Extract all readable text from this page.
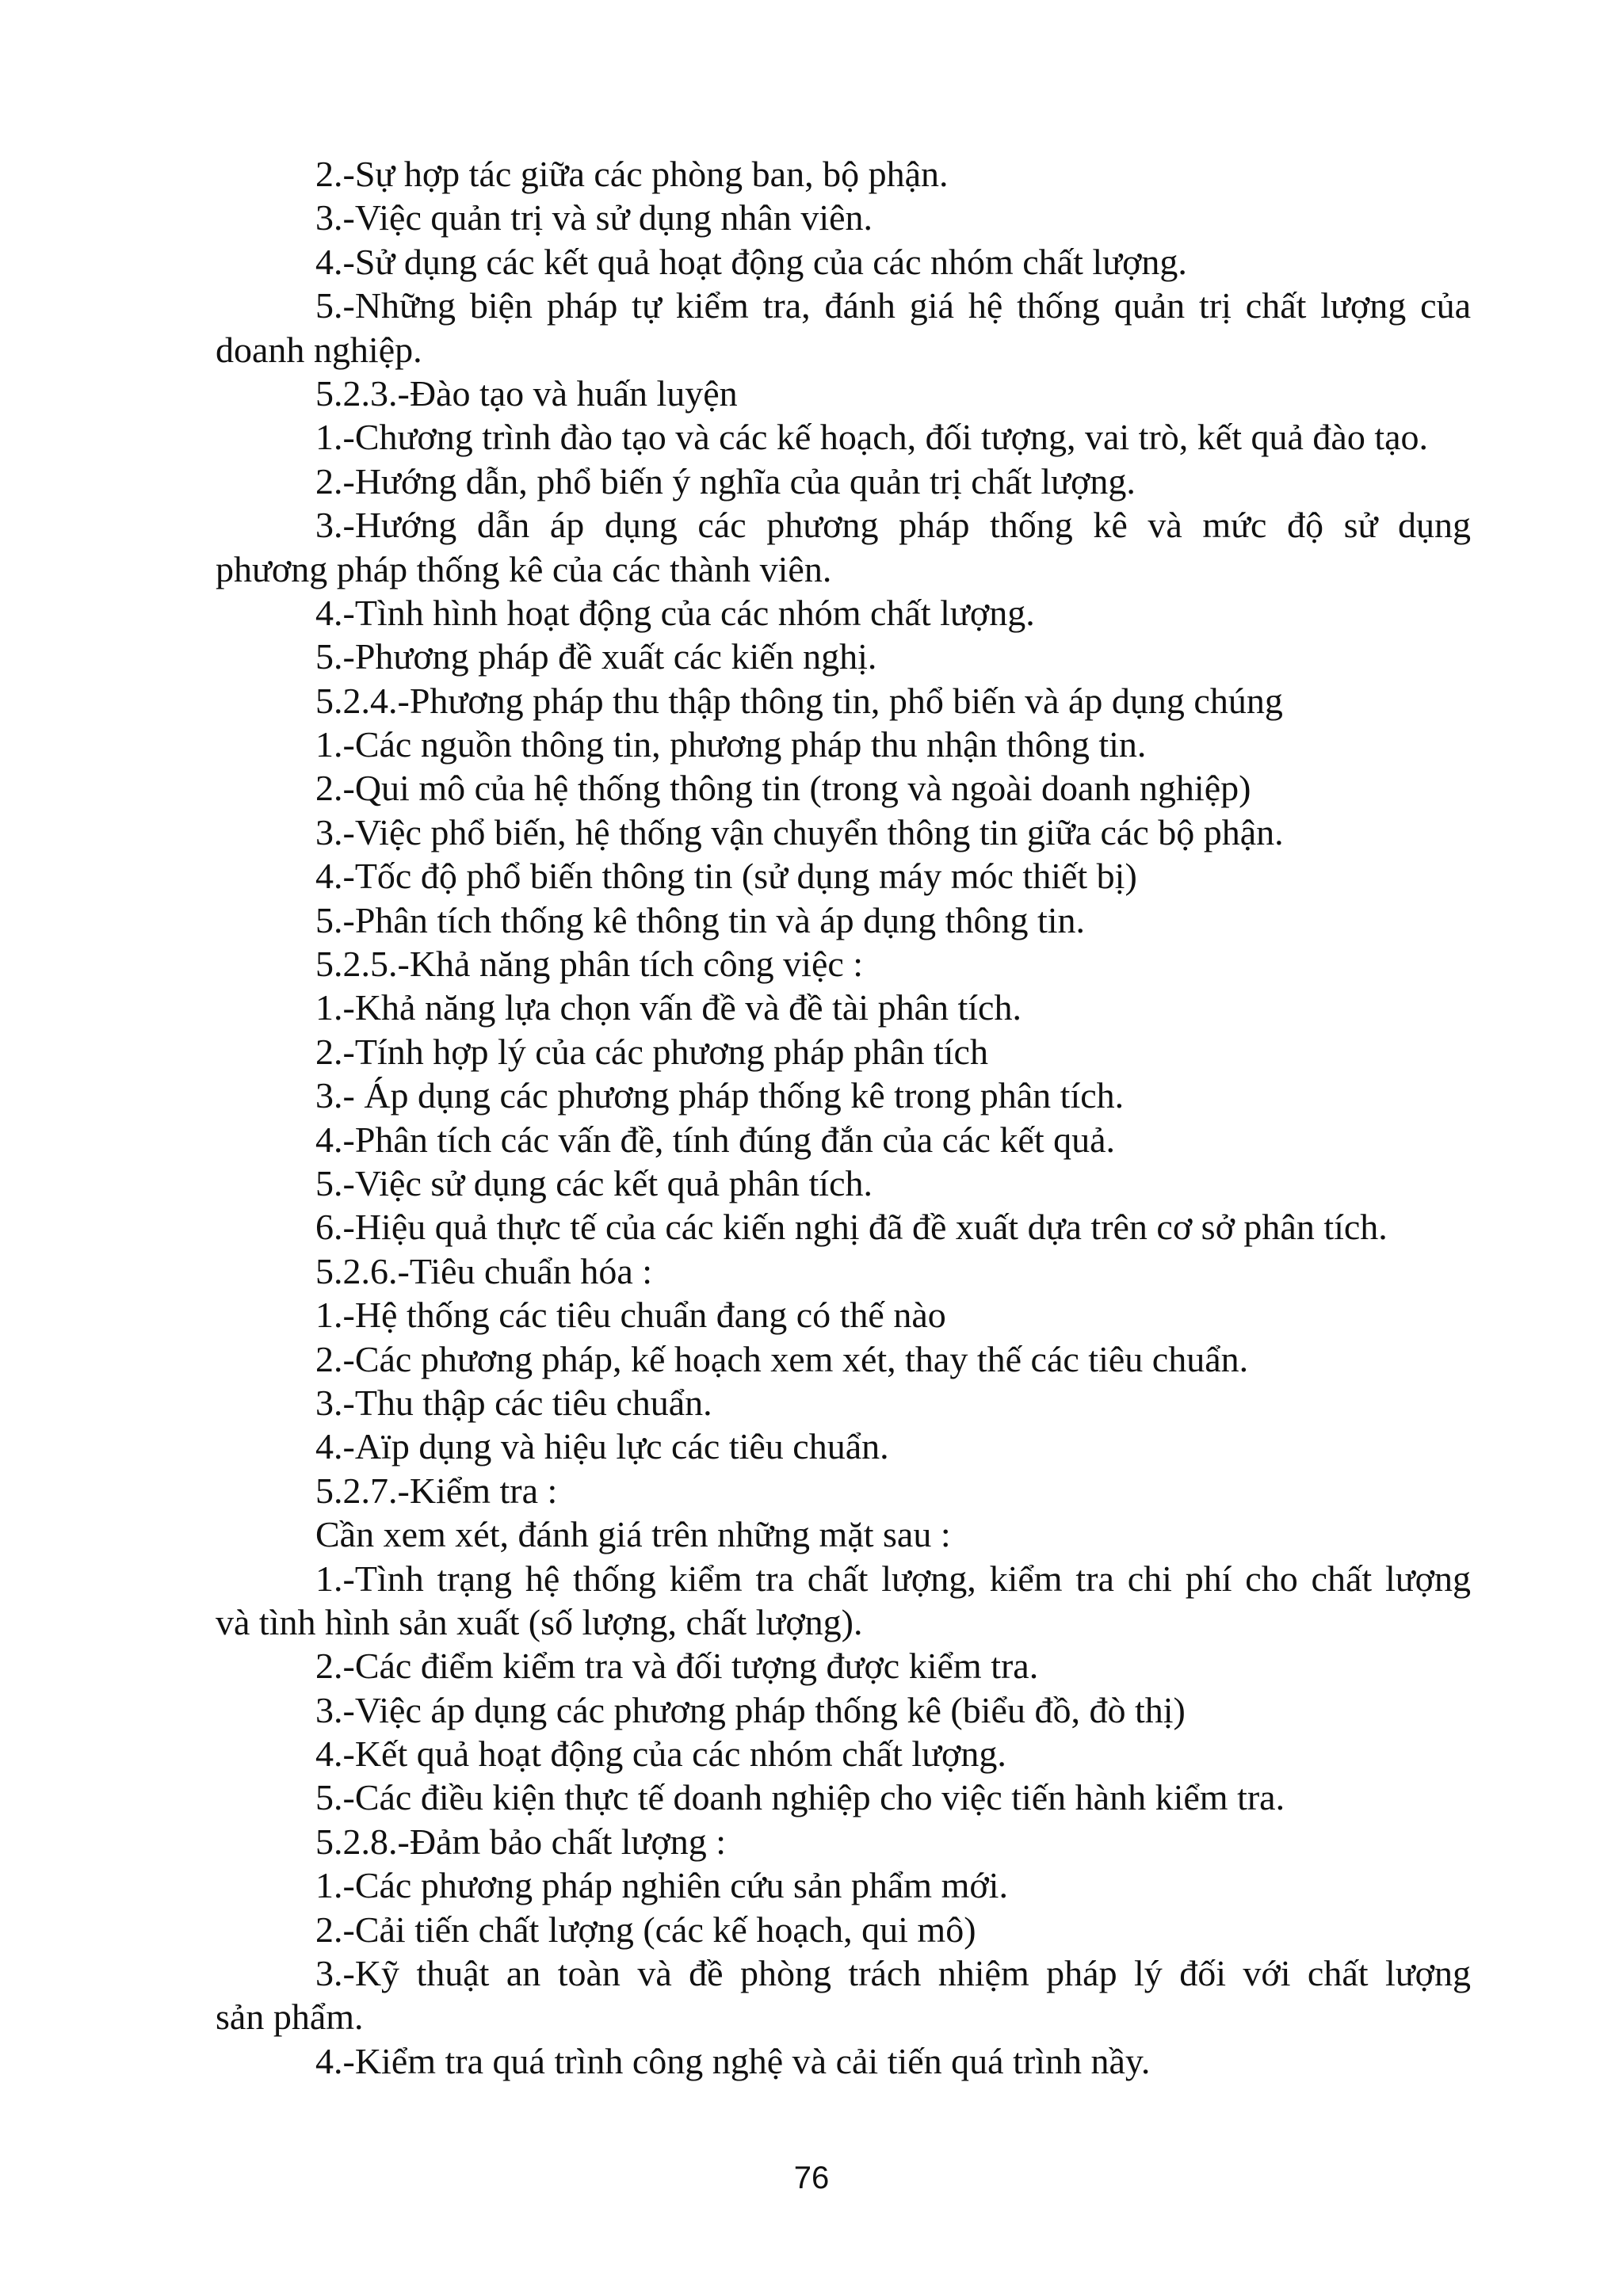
2.-Sự hợp tác giữa các phòng ban, bộ phận.
3.-Việc quản trị và sử dụng nhân viên.
4.-Sử dụng các kết quả hoạt động của các nhóm chất lượng.
5.-Những biện pháp tự kiểm tra, đánh giá hệ thống quản trị chất lượng của
doanh nghiệp.
5.2.3.-Đào tạo và huấn luyện
1.-Chương trình đào tạo và các kế hoạch, đối tượng, vai trò, kết quả đào tạo.
2.-Hướng dẫn, phổ biến ý nghĩa của quản trị chất lượng.
3.-Hướng dẫn áp dụng các phương pháp thống kê và mức độ sử dụng
phương pháp thống kê của các thành viên.
4.-Tình hình hoạt động của các nhóm chất lượng.
5.-Phương pháp đề xuất các kiến nghị.
5.2.4.-Phương pháp thu thập thông tin, phổ biến và áp dụng chúng
1.-Các nguồn thông tin, phương pháp thu nhận thông tin.
2.-Qui mô của hệ thống thông tin (trong và ngoài doanh nghiệp)
3.-Việc phổ biến, hệ thống vận chuyển thông tin giữa các bộ phận.
4.-Tốc độ phổ biến thông tin (sử dụng máy móc thiết bị)
5.-Phân tích thống kê thông tin và áp dụng thông tin.
5.2.5.-Khả năng phân tích công việc :
1.-Khả năng lựa chọn vấn đề và đề tài phân tích.
2.-Tính hợp lý của các phương pháp phân tích
3.- Áp dụng các phương pháp thống kê trong phân tích.
4.-Phân tích các vấn đề, tính đúng đắn của các kết quả.
5.-Việc sử dụng các kết quả phân tích.
6.-Hiệu quả thực tế của các kiến nghị đã đề xuất dựa trên cơ sở phân tích.
5.2.6.-Tiêu chuẩn hóa :
1.-Hệ thống các tiêu chuẩn đang có thế nào
2.-Các phương pháp, kế hoạch xem xét, thay thế các tiêu chuẩn.
3.-Thu thập các tiêu chuẩn.
4.-Aïp dụng và hiệu lực các tiêu chuẩn.
5.2.7.-Kiểm tra :
Cần xem xét, đánh giá trên những mặt sau :
1.-Tình trạng hệ thống kiểm tra chất lượng, kiểm tra chi phí cho chất lượng
và tình hình sản xuất (số lượng, chất lượng).
2.-Các điểm kiểm tra và đối tượng được kiểm tra.
3.-Việc áp dụng các phương pháp thống kê (biểu đồ, đò thị)
4.-Kết quả hoạt động của các nhóm chất lượng.
5.-Các điều kiện thực tế doanh nghiệp cho việc tiến hành kiểm tra.
5.2.8.-Đảm bảo chất lượng :
1.-Các phương pháp nghiên cứu sản phẩm mới.
2.-Cải tiến chất lượng (các kế hoạch, qui mô)
3.-Kỹ thuật an toàn và đề phòng trách nhiệm pháp lý đối với chất lượng
sản phẩm.
4.-Kiểm tra quá trình công nghệ và cải tiến quá trình nầy.
76
